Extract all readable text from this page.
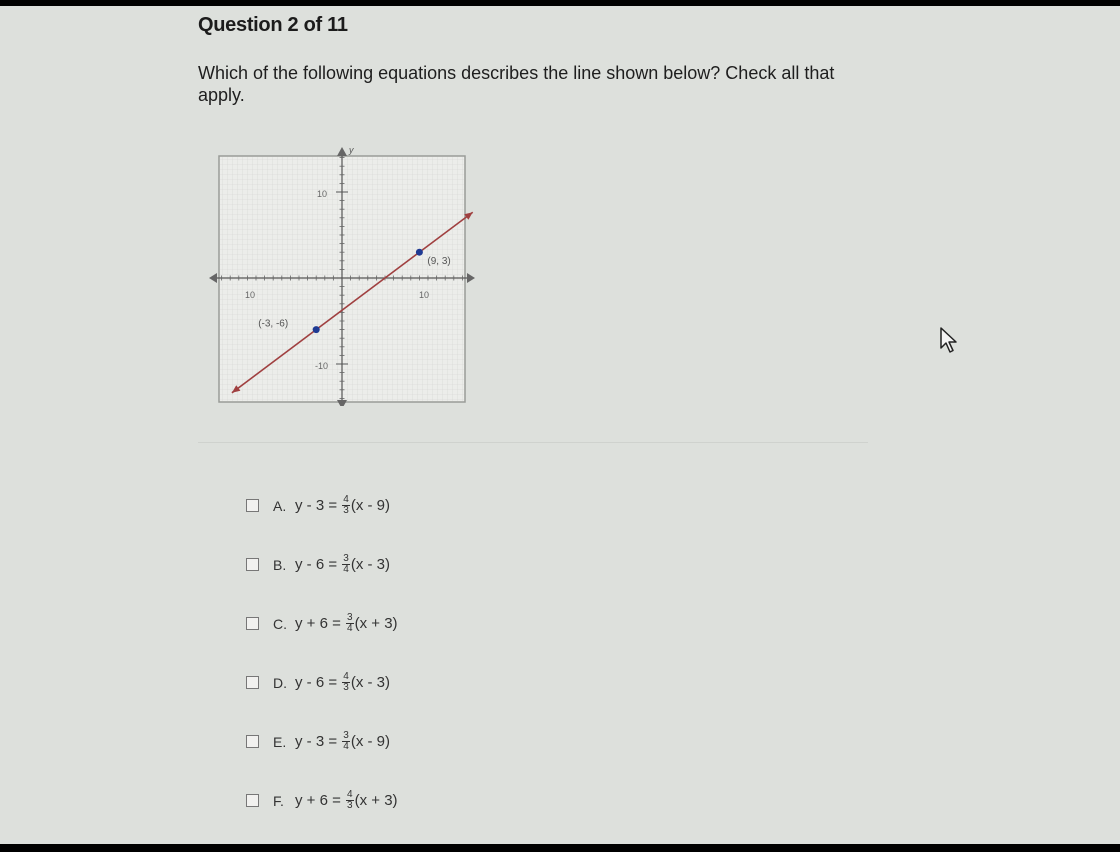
Question 2 of 11
Which of the following equations describes the line shown below? Check all that apply.
y
10
-10
10	10
(9, 3)
(-3, -6)
A. $y - 3 = \frac{4}{3} (x - 9)$
B. $y - 6 = \frac{3}{4} (x - 3)$
C. $y + 6 = \frac{3}{4} (x + 3)$
D. $y - 6 = \frac{4}{3} (x - 3)$
E. $y - 3 = \frac{3}{4} (x - 9)$
F. $y + 6 = \frac{4}{3} (x + 3)$
